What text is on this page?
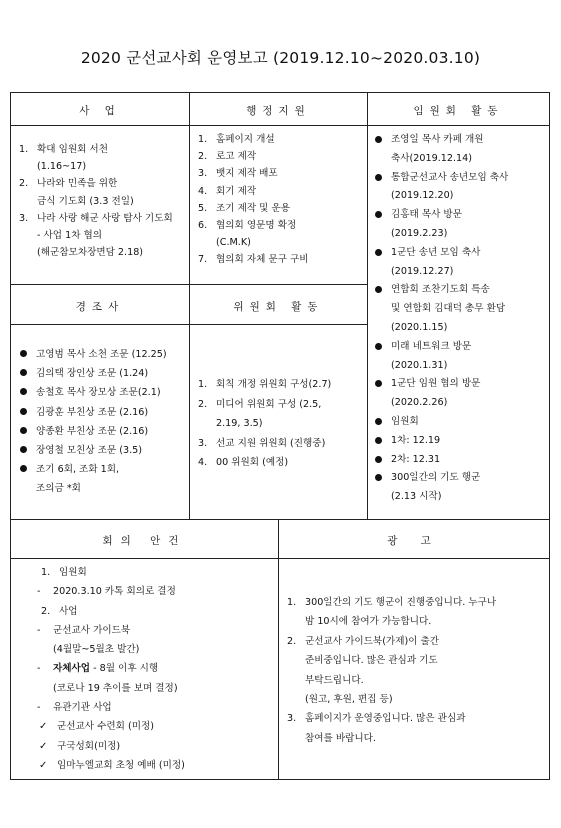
2020 군선교사회 운영보고 (2019.12.10~2020.03.10)
사 업	행정지원	임원회 활동
1. 확대 임원회 서천
(1.16~17)
2. 나라와 민족을 위한
금식 기도회 (3.3 전일)
3. 나라 사랑 해군 사랑 탐사 기도회
- 사업 1차 협의
(해군참모차장면담 2.18)
1. 홈페이지 개설
2. 로고 제작
3. 뱃지 제작 배포
4. 회기 제작
5. 조기 제작 및 운용
6. 협의회 영문명 확정
(C.M.K)
7. 협의회 자체 문구 구비
조영일 목사 카페 개원
축사(2019.12.14)
통합군선교사 송년모임 축사
(2019.12.20)
김홍태 목사 방문
(2019.2.23)
1군단 송년 모임 축사
(2019.12.27)
연합회 조찬기도회 특송
및 연합회 김대덕 총무 환담
(2020.1.15)
미래 네트워크 방문
(2020.1.31)
1군단 임원 협의 방문
(2020.2.26)
임원회
1차: 12.19
2차: 12.31
300일간의 기도 행군
(2.13 시작)
경조사	위원회 활동
고영범 목사 소천 조문 (12.25)
김의택 장인상 조문 (1.24)
송철호 목사 장모상 조문(2.1)
김광훈 부친상 조문 (2.16)
양종환 부친상 조문 (2.16)
장영철 모친상 조문 (3.5)
조기 6회, 조화 1회,
조의금 *회
1. 회칙 개정 위원회 구성(2.7)
2. 미디어 위원회 구성 (2.5,
2.19, 3.5)
3. 선교 지원 위원회 (진행중)
4. 00 위원회 (예정)
회의 안건	광 고
1. 임원회
- 2020.3.10 카톡 회의로 결정
2. 사업
- 군선교사 가이드북
(4월말~5월초 발간)
- 자체사업 - 8월 이후 시행
(코로나 19 추이를 보며 결정)
- 유관기관 사업
✓ 군선교사 수련회 (미정)
✓ 구국성회(미정)
✓ 임마누엘교회 초청 예배 (미정)
1. 300일간의 기도 행군이 진행중입니다. 누구나
밤 10시에 참여가 가능합니다.
2. 군선교사 가이드북(가제)이 출간
준비중입니다. 많은 관심과 기도
부탁드립니다.
(원고, 후원, 편집 등)
3. 홈페이지가 운영중입니다. 많은 관심과
참여를 바랍니다.
